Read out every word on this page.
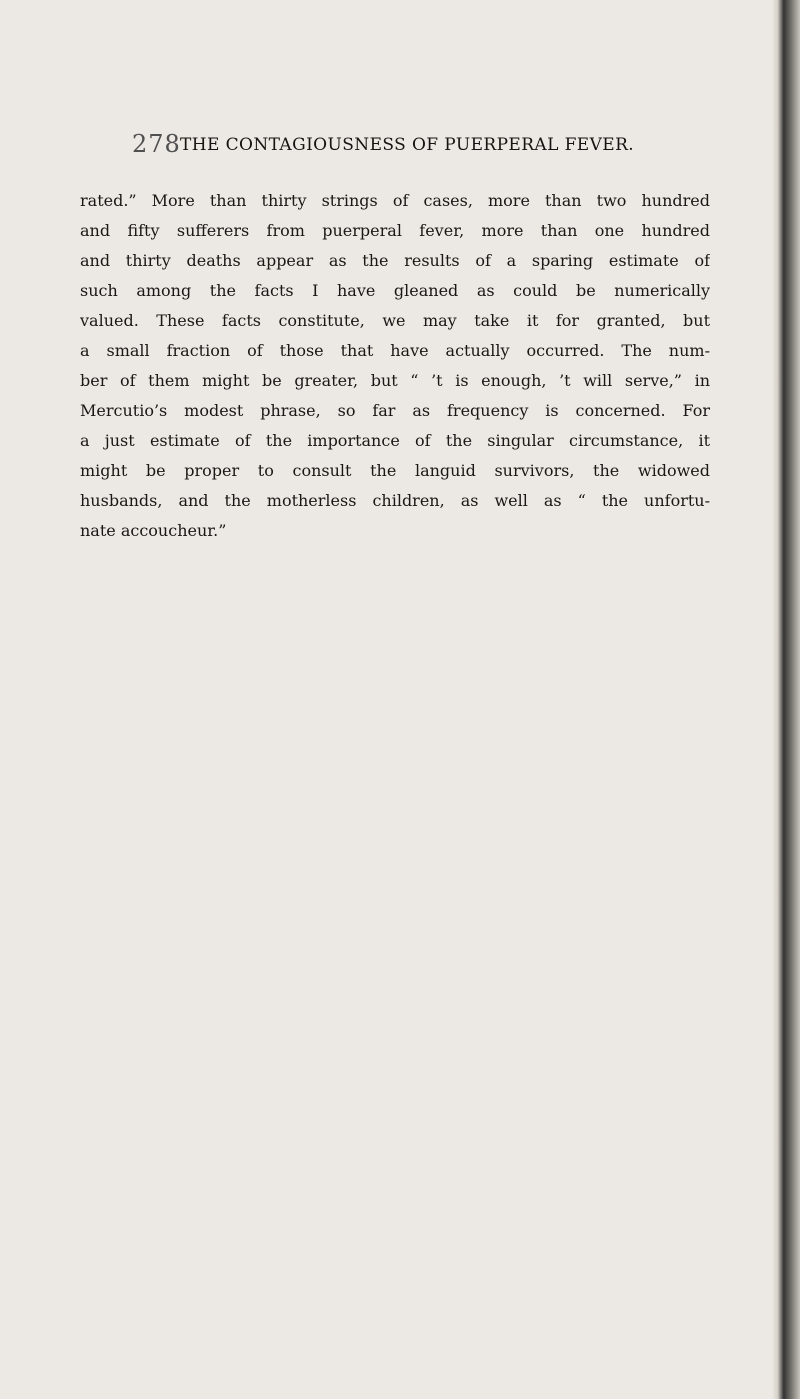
278 THE CONTAGIOUSNESS OF PUERPERAL FEVER.
rated.” More than thirty strings of cases, more than two hundred
and fifty sufferers from puerperal fever, more than one hundred
and thirty deaths appear as the results of a sparing estimate of
such among the facts I have gleaned as could be numerically
valued. These facts constitute, we may take it for granted, but
a small fraction of those that have actually occurred. The num-
ber of them might be greater, but “ ’t is enough, ’t will serve,” in
Mercutio’s modest phrase, so far as frequency is concerned. For
a just estimate of the importance of the singular circumstance, it
might be proper to consult the languid survivors, the widowed
husbands, and the motherless children, as well as “ the unfortu-
nate accoucheur.”
